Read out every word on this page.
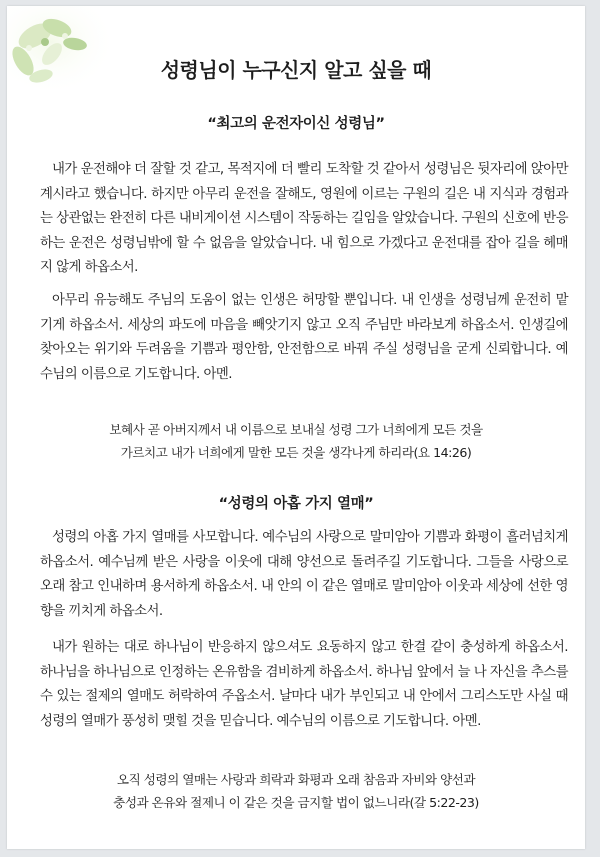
성령님이 누구신지 알고 싶을 때
“최고의 운전자이신 성령님”

내가 운전해야 더 잘할 것 같고, 목적지에 더 빨리 도착할 것 같아서 성령님은 뒷자리에 앉아만 계시라고 했습니다. 하지만 아무리 운전을 잘해도, 영원에 이르는 구원의 길은 내 지식과 경험과는 상관없는 완전히 다른 내비게이션 시스템이 작동하는 길임을 알았습니다. 구원의 신호에 반응하는 운전은 성령님밖에 할 수 없음을 알았습니다. 내 힘으로 가겠다고 운전대를 잡아 길을 헤매지 않게 하옵소서.

아무리 유능해도 주님의 도움이 없는 인생은 허망할 뿐입니다. 내 인생을 성령님께 운전히 맡기게 하옵소서. 세상의 파도에 마음을 빼앗기지 않고 오직 주님만 바라보게 하옵소서. 인생길에 찾아오는 위기와 두려움을 기쁨과 평안함, 안전함으로 바꿔 주실 성령님을 굳게 신뢰합니다. 예수님의 이름으로 기도합니다. 아멘.

보혜사 곧 아버지께서 내 이름으로 보내실 성령 그가 너희에게 모든 것을
가르치고 내가 너희에게 말한 모든 것을 생각나게 하리라(요 14:26)
“성령의 아홉 가지 열매”

성령의 아홉 가지 열매를 사모합니다. 예수님의 사랑으로 말미암아 기쁨과 화평이 흘러넘치게 하옵소서. 예수님께 받은 사랑을 이웃에 대해 양선으로 돌려주길 기도합니다. 그들을 사랑으로 오래 참고 인내하며 용서하게 하옵소서. 내 안의 이 같은 열매로 말미암아 이웃과 세상에 선한 영향을 끼치게 하옵소서.

내가 원하는 대로 하나님이 반응하지 않으셔도 요동하지 않고 한결 같이 충성하게 하옵소서. 하나님을 하나님으로 인정하는 온유함을 겸비하게 하옵소서. 하나님 앞에서 늘 나 자신을 추스를 수 있는 절제의 열매도 허락하여 주옵소서. 날마다 내가 부인되고 내 안에서 그리스도만 사실 때 성령의 열매가 풍성히 맺힐 것을 믿습니다. 예수님의 이름으로 기도합니다. 아멘.

오직 성령의 열매는 사랑과 희락과 화평과 오래 참음과 자비와 양선과
충성과 온유와 절제니 이 같은 것을 금지할 법이 없느니라(갈 5:22-23)
